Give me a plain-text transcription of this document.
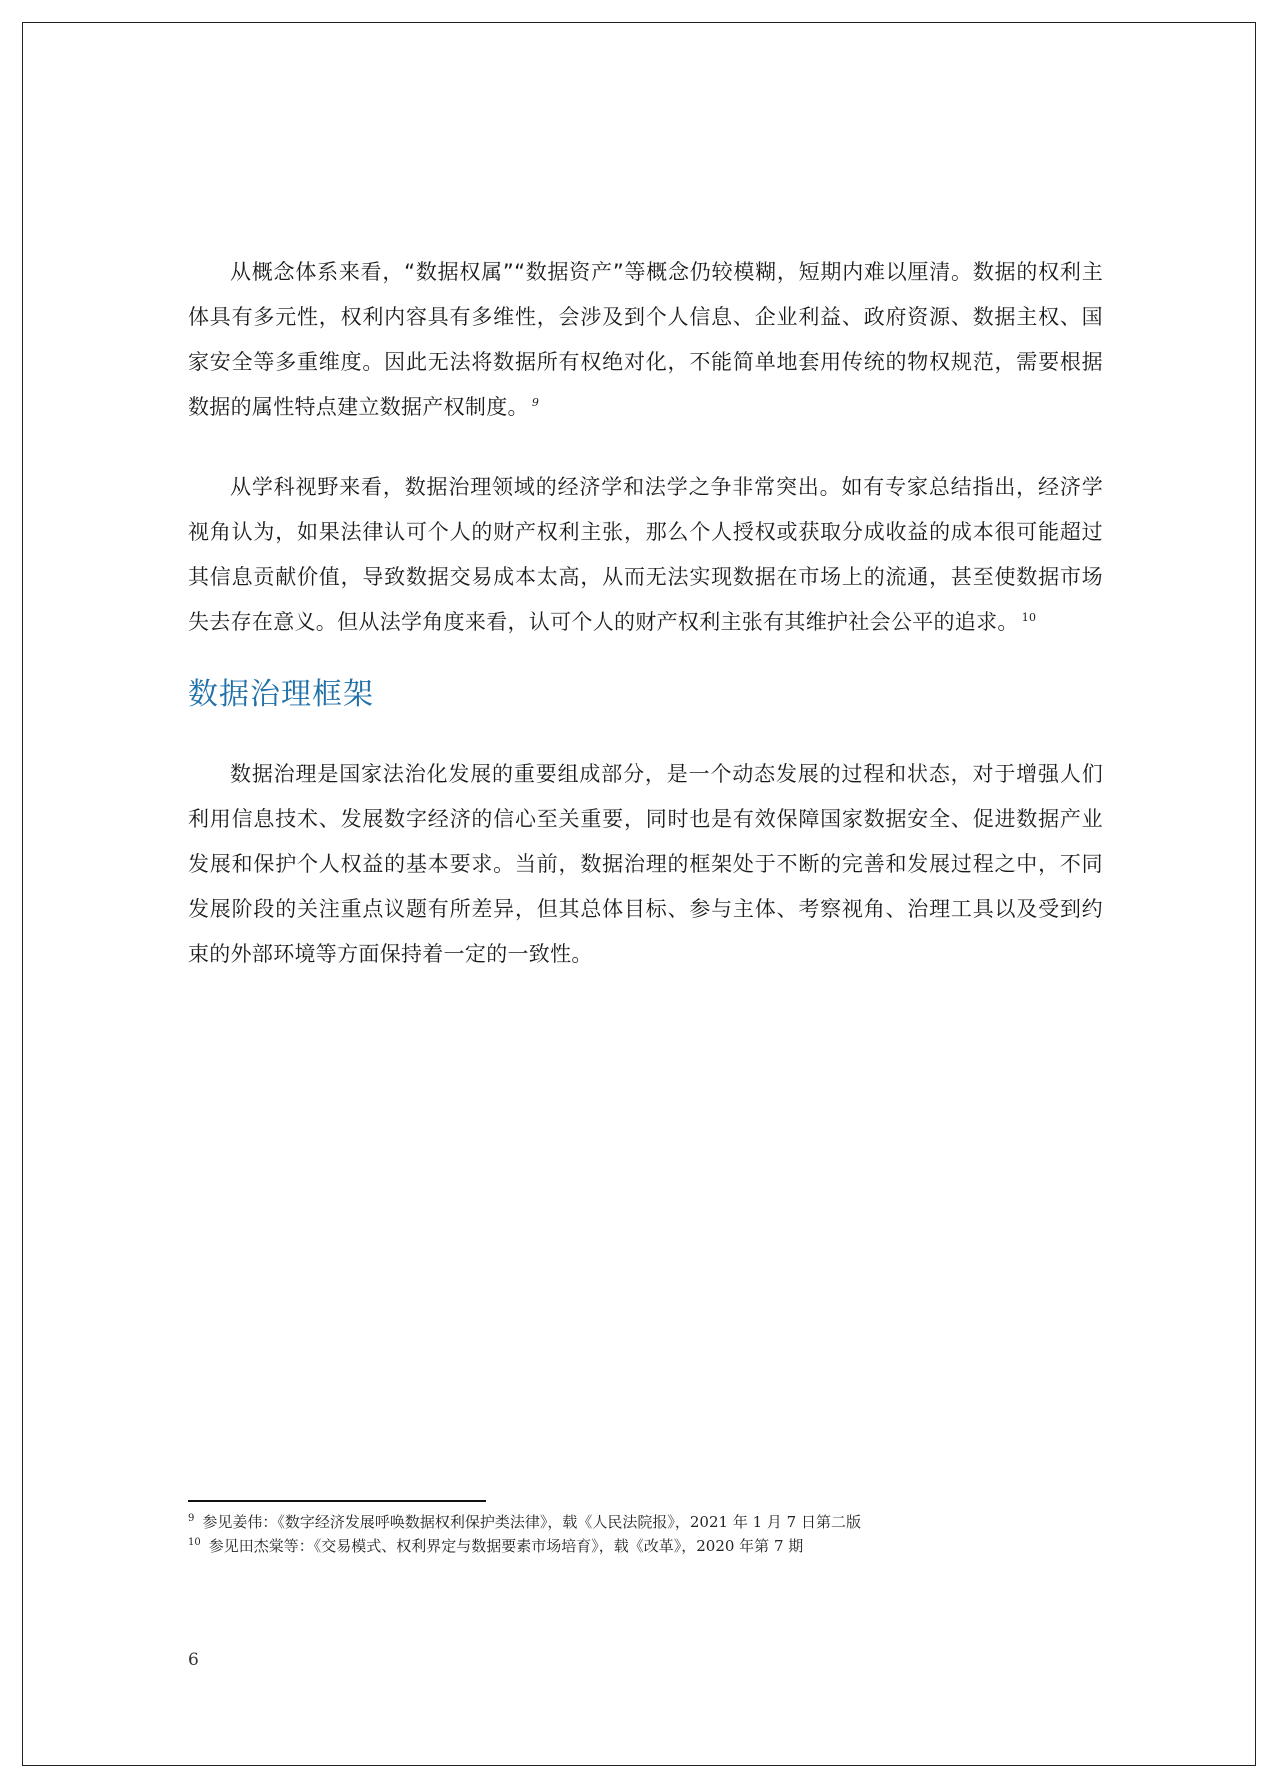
从概念体系来看，“数据权属”“数据资产”等概念仍较模糊，短期内难以厘清。数据的权利主体具有多元性，权利内容具有多维性，会涉及到个人信息、企业利益、政府资源、数据主权、国家安全等多重维度。因此无法将数据所有权绝对化，不能简单地套用传统的物权规范，需要根据数据的属性特点建立数据产权制度。 $^9$

从学科视野来看，数据治理领域的经济学和法学之争非常突出。如有专家总结指出，经济学视角认为，如果法律认可个人的财产权利主张，那么个人授权或获取分成收益的成本很可能超过其信息贡献价值，导致数据交易成本太高，从而无法实现数据在市场上的流通，甚至使数据市场失去存在意义。但从法学角度来看，认可个人的财产权利主张有其维护社会公平的追求。 $^{10}$

数据治理框架

数据治理是国家法治化发展的重要组成部分，是一个动态发展的过程和状态，对于增强人们利用信息技术、发展数字经济的信心至关重要，同时也是有效保障国家数据安全、促进数据产业发展和保护个人权益的基本要求。当前，数据治理的框架处于不断的完善和发展过程之中，不同发展阶段的关注重点议题有所差异，但其总体目标、参与主体、考察视角、治理工具以及受到约束的外部环境等方面保持着一定的一致性。

$^9$ 参见姜伟：《数字经济发展呼唤数据权利保护类法律》，载《人民法院报》，2021 年 1 月 7 日第二版
$^{10}$ 参见田杰棠等：《交易模式、权利界定与数据要素市场培育》，载《改革》，2020 年第 7 期
6
